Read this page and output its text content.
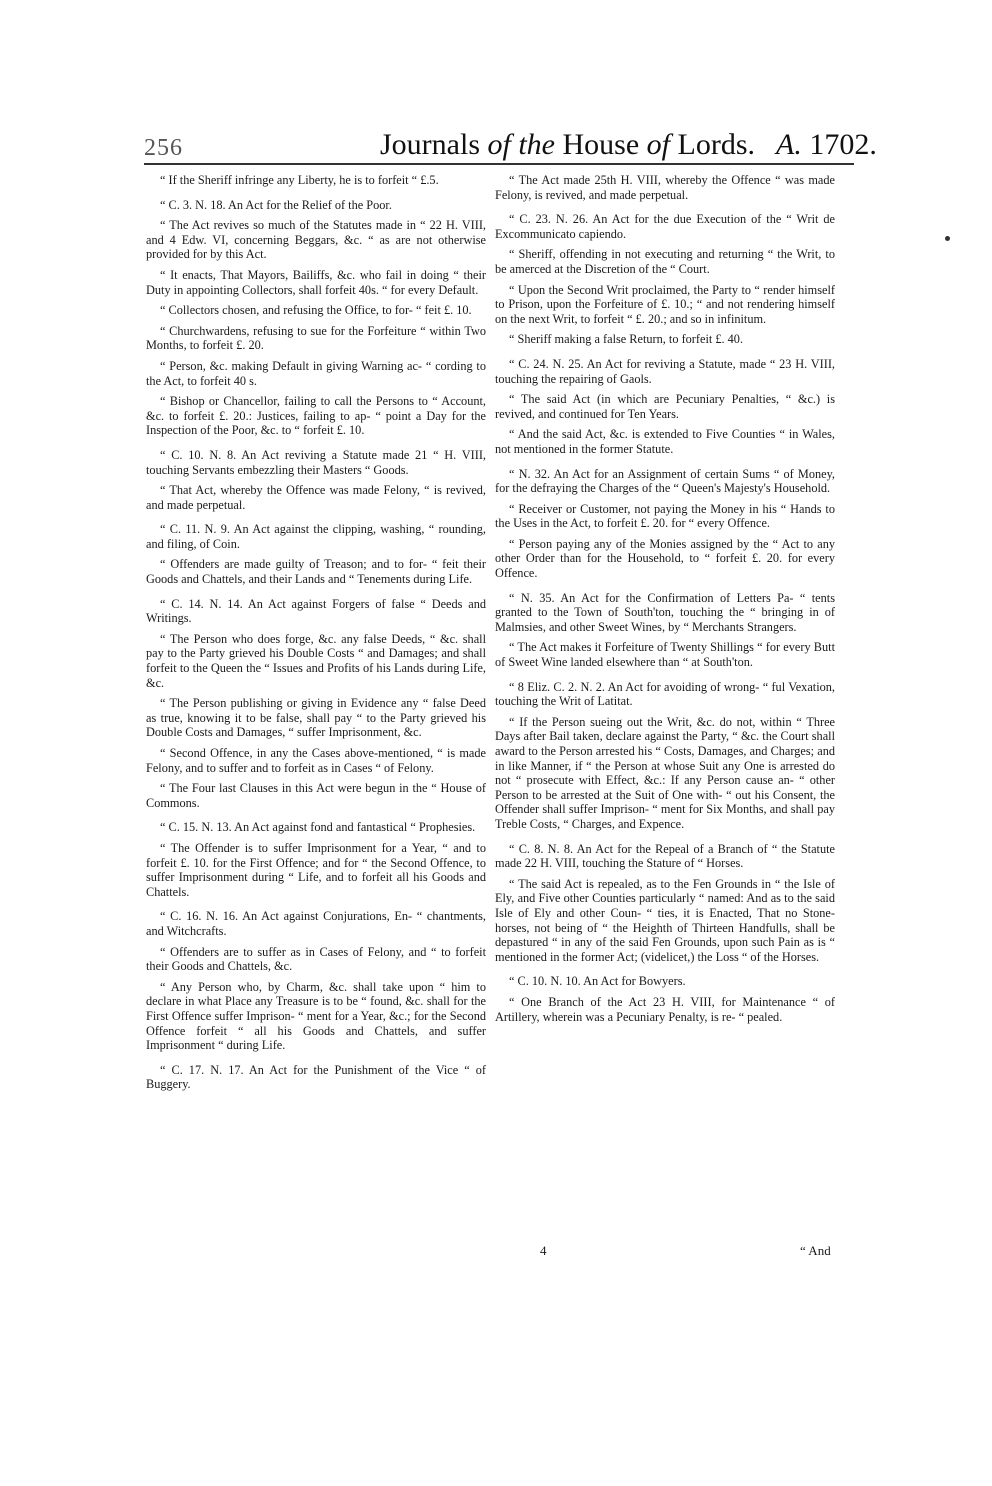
256	Journals of the House of Lords. A. 1702.

“ If the Sheriff infringe any Liberty, he is to forfeit “ £.5.

“ C. 3. N. 18. An Act for the Relief of the Poor.

“ The Act revives so much of the Statutes made in “ 22 H. VIII, and 4 Edw. VI, concerning Beggars, &c. “ as are not otherwise provided for by this Act.

“ It enacts, That Mayors, Bailiffs, &c. who fail in doing “ their Duty in appointing Collectors, shall forfeit 40s. “ for every Default.

“ Collectors chosen, and refusing the Office, to for- “ feit £. 10.

“ Churchwardens, refusing to sue for the Forfeiture “ within Two Months, to forfeit £. 20.

“ Person, &c. making Default in giving Warning ac- “ cording to the Act, to forfeit 40 s.

“ Bishop or Chancellor, failing to call the Persons to “ Account, &c. to forfeit £. 20.: Justices, failing to ap- “ point a Day for the Inspection of the Poor, &c. to “ forfeit £. 10.

“ C. 10. N. 8. An Act reviving a Statute made 21 “ H. VIII, touching Servants embezzling their Masters “ Goods.

“ That Act, whereby the Offence was made Felony, “ is revived, and made perpetual.

“ C. 11. N. 9. An Act against the clipping, washing, “ rounding, and filing, of Coin.

“ Offenders are made guilty of Treason; and to for- “ feit their Goods and Chattels, and their Lands and “ Tenements during Life.

“ C. 14. N. 14. An Act against Forgers of false “ Deeds and Writings.

“ The Person who does forge, &c. any false Deeds, “ &c. shall pay to the Party grieved his Double Costs “ and Damages; and shall forfeit to the Queen the “ Issues and Profits of his Lands during Life, &c.

“ The Person publishing or giving in Evidence any “ false Deed as true, knowing it to be false, shall pay “ to the Party grieved his Double Costs and Damages, “ suffer Imprisonment, &c.

“ Second Offence, in any the Cases above-mentioned, “ is made Felony, and to suffer and to forfeit as in Cases “ of Felony.

“ The Four last Clauses in this Act were begun in the “ House of Commons.

“ C. 15. N. 13. An Act against fond and fantastical “ Prophesies.

“ The Offender is to suffer Imprisonment for a Year, “ and to forfeit £. 10. for the First Offence; and for “ the Second Offence, to suffer Imprisonment during “ Life, and to forfeit all his Goods and Chattels.

“ C. 16. N. 16. An Act against Conjurations, En- “ chantments, and Witchcrafts.

“ Offenders are to suffer as in Cases of Felony, and “ to forfeit their Goods and Chattels, &c.

“ Any Person who, by Charm, &c. shall take upon “ him to declare in what Place any Treasure is to be “ found, &c. shall for the First Offence suffer Imprison- “ ment for a Year, &c.; for the Second Offence forfeit “ all his Goods and Chattels, and suffer Imprisonment “ during Life.

“ C. 17. N. 17. An Act for the Punishment of the Vice “ of Buggery.

“ The Act made 25th H. VIII, whereby the Offence “ was made Felony, is revived, and made perpetual.

“ C. 23. N. 26. An Act for the due Execution of the “ Writ de Excommunicato capiendo.

“ Sheriff, offending in not executing and returning “ the Writ, to be amerced at the Discretion of the “ Court.

“ Upon the Second Writ proclaimed, the Party to “ render himself to Prison, upon the Forfeiture of £. 10.; “ and not rendering himself on the next Writ, to forfeit “ £. 20.; and so in infinitum.

“ Sheriff making a false Return, to forfeit £. 40.

“ C. 24. N. 25. An Act for reviving a Statute, made “ 23 H. VIII, touching the repairing of Gaols.

“ The said Act (in which are Pecuniary Penalties, “ &c.) is revived, and continued for Ten Years.

“ And the said Act, &c. is extended to Five Counties “ in Wales, not mentioned in the former Statute.

“ N. 32. An Act for an Assignment of certain Sums “ of Money, for the defraying the Charges of the “ Queen's Majesty's Household.

“ Receiver or Customer, not paying the Money in his “ Hands to the Uses in the Act, to forfeit £. 20. for “ every Offence.

“ Person paying any of the Monies assigned by the “ Act to any other Order than for the Household, to “ forfeit £. 20. for every Offence.

“ N. 35. An Act for the Confirmation of Letters Pa- “ tents granted to the Town of South'ton, touching the “ bringing in of Malmsies, and other Sweet Wines, by “ Merchants Strangers.

“ The Act makes it Forfeiture of Twenty Shillings “ for every Butt of Sweet Wine landed elsewhere than “ at South'ton.

“ 8 Eliz. C. 2. N. 2. An Act for avoiding of wrong- “ ful Vexation, touching the Writ of Latitat.

“ If the Person sueing out the Writ, &c. do not, within “ Three Days after Bail taken, declare against the Party, “ &c. the Court shall award to the Person arrested his “ Costs, Damages, and Charges; and in like Manner, if “ the Person at whose Suit any One is arrested do not “ prosecute with Effect, &c.: If any Person cause an- “ other Person to be arrested at the Suit of One with- “ out his Consent, the Offender shall suffer Imprison- “ ment for Six Months, and shall pay Treble Costs, “ Charges, and Expence.

“ C. 8. N. 8. An Act for the Repeal of a Branch of “ the Statute made 22 H. VIII, touching the Stature of “ Horses.

“ The said Act is repealed, as to the Fen Grounds in “ the Isle of Ely, and Five other Counties particularly “ named: And as to the said Isle of Ely and other Coun- “ ties, it is Enacted, That no Stone-horses, not being of “ the Heighth of Thirteen Handfulls, shall be depastured “ in any of the said Fen Grounds, upon such Pain as is “ mentioned in the former Act; (videlicet,) the Loss “ of the Horses.

“ C. 10. N. 10. An Act for Bowyers.

“ One Branch of the Act 23 H. VIII, for Maintenance “ of Artillery, wherein was a Pecuniary Penalty, is re- “ pealed.

4	“ And
